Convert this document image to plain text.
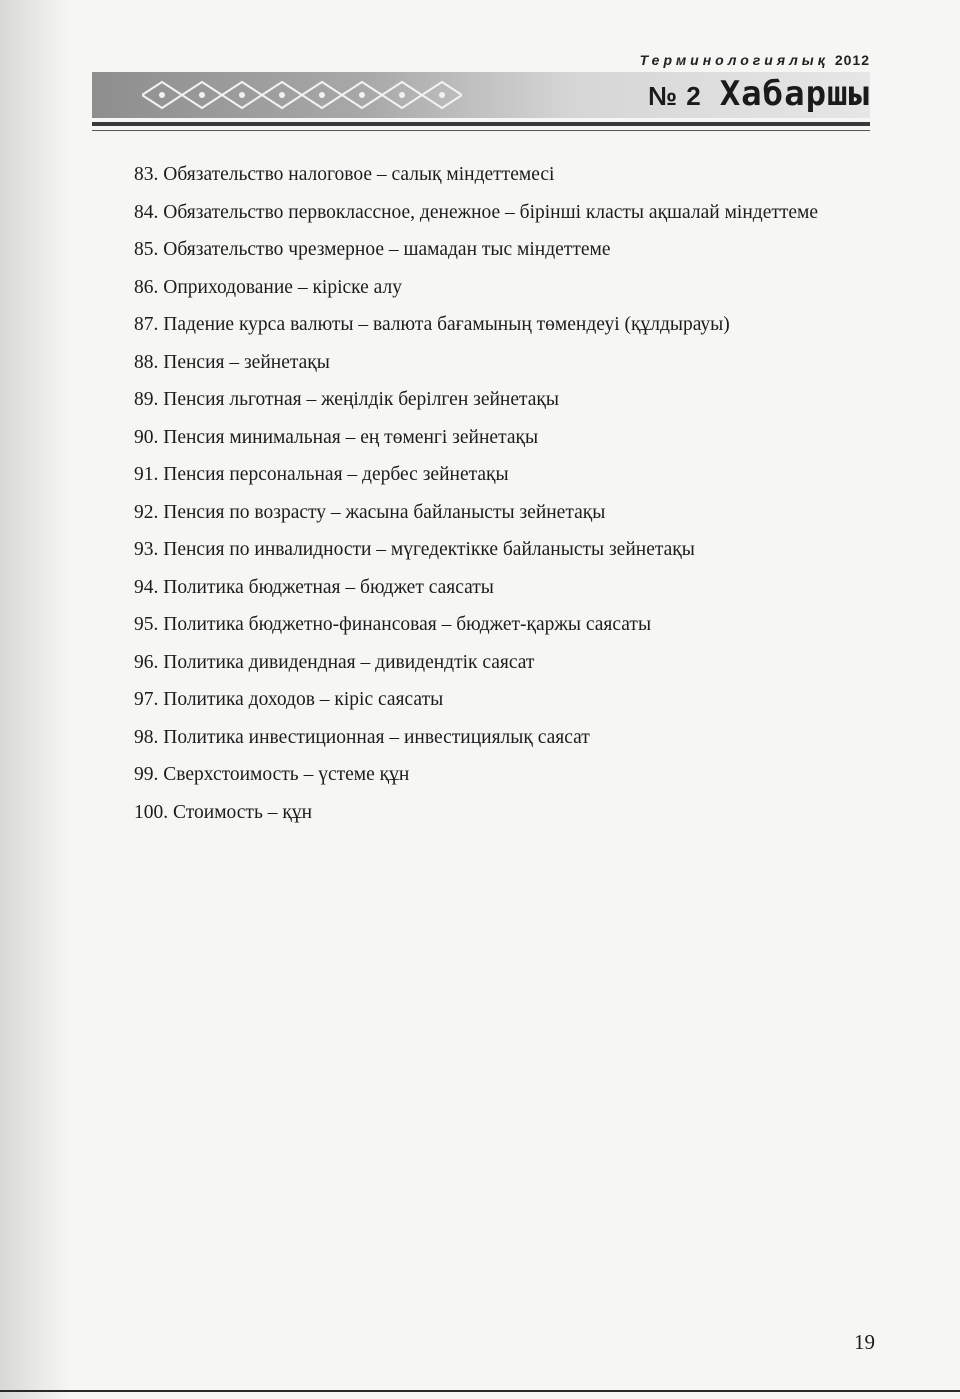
Терминологиялық 2012
№ 2 Хабаршы

83. Обязательство налоговое – салық міндеттемесі

84. Обязательство первоклассное, денежное – бірінші класты ақшалай міндеттеме

85. Обязательство чрезмерное – шамадан тыс міндеттеме

86. Оприходование – кіріске алу

87. Падение курса валюты – валюта бағамының төмендеуі (құлдырауы)

88. Пенсия – зейнетақы

89. Пенсия льготная – жеңілдік берілген зейнетақы

90. Пенсия минимальная – ең төменгі зейнетақы

91. Пенсия персональная – дербес зейнетақы

92. Пенсия по возрасту – жасына байланысты зейнетақы

93. Пенсия по инвалидности – мүгедектікке байланысты зейнетақы

94. Политика бюджетная – бюджет саясаты

95. Политика бюджетно-финансовая – бюджет-қаржы саясаты

96. Политика дивидендная – дивидендтік саясат

97. Политика доходов – кіріс саясаты

98. Политика инвестиционная – инвестициялық саясат

99. Сверхстоимость – үстеме құн

100. Стоимость – құн

19
